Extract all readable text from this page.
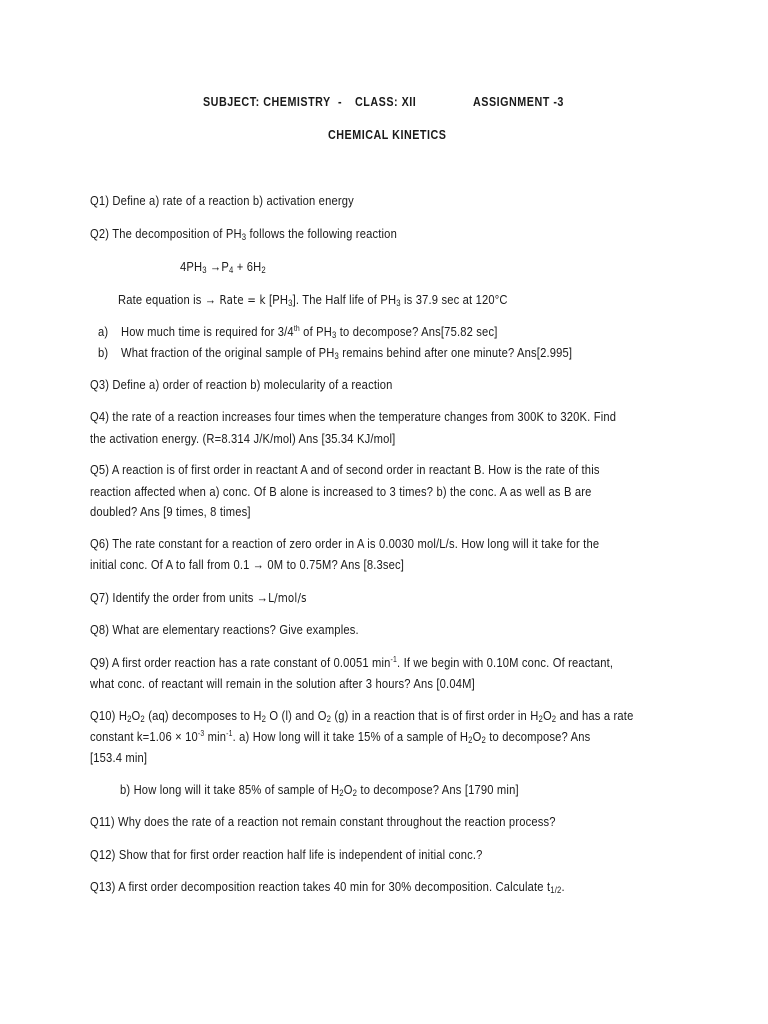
SUBJECT: CHEMISTRY - CLASS: XII	ASSIGNMENT -3
CHEMICAL KINETICS
Q1) Define a) rate of a reaction b) activation energy
Q2) The decomposition of $PH_3$ follows the following reaction
$4PH_3 \to P_4 + 6H_2$
Rate equation is → Rate = k $[PH_3]$. The Half life of $PH_3$ is 37.9 sec at 120°C
a) How much time is required for 3/4th of $PH_3$ to decompose? Ans[75.82 sec]
b) What fraction of the original sample of $PH_3$ remains behind after one minute? Ans[2.995]
Q3) Define a) order of reaction b) molecularity of a reaction
Q4) the rate of a reaction increases four times when the temperature changes from 300K to 320K. Find
the activation energy. (R=8.314 J/K/mol) Ans [35.34 KJ/mol]
Q5) A reaction is of first order in reactant A and of second order in reactant B. How is the rate of this
reaction affected when a) conc. Of B alone is increased to 3 times? b) the conc. A as well as B are
doubled? Ans [9 times, 8 times]
Q6) The rate constant for a reaction of zero order in A is 0.0030 mol/L/s. How long will it take for the
initial conc. Of A to fall from 0.1 → 0M to 0.75M? Ans [8.3sec]
Q7) Identify the order from units →L/mol/s
Q8) What are elementary reactions? Give examples.
Q9) A first order reaction has a rate constant of 0.0051 $\min^{-1}$. If we begin with 0.10M conc. Of reactant,
what conc. of reactant will remain in the solution after 3 hours? Ans [0.04M]
Q10) $H_2O_2$ (aq) decomposes to $H_2$ O (l) and $O_2$ (g) in a reaction that is of first order in $H_2O_2$ and has a rate
constant $k=1.06 \times 10^{-3}$ $\min^{-1}$. a) How long will it take 15% of a sample of $H_2O_2$ to decompose? Ans
[153.4 min]
b) How long will it take 85% of sample of $H_2O_2$ to decompose? Ans [1790 min]
Q11) Why does the rate of a reaction not remain constant throughout the reaction process?
Q12) Show that for first order reaction half life is independent of initial conc.?
Q13) A first order decomposition reaction takes 40 min for 30% decomposition. Calculate $t_{1/2}$.
